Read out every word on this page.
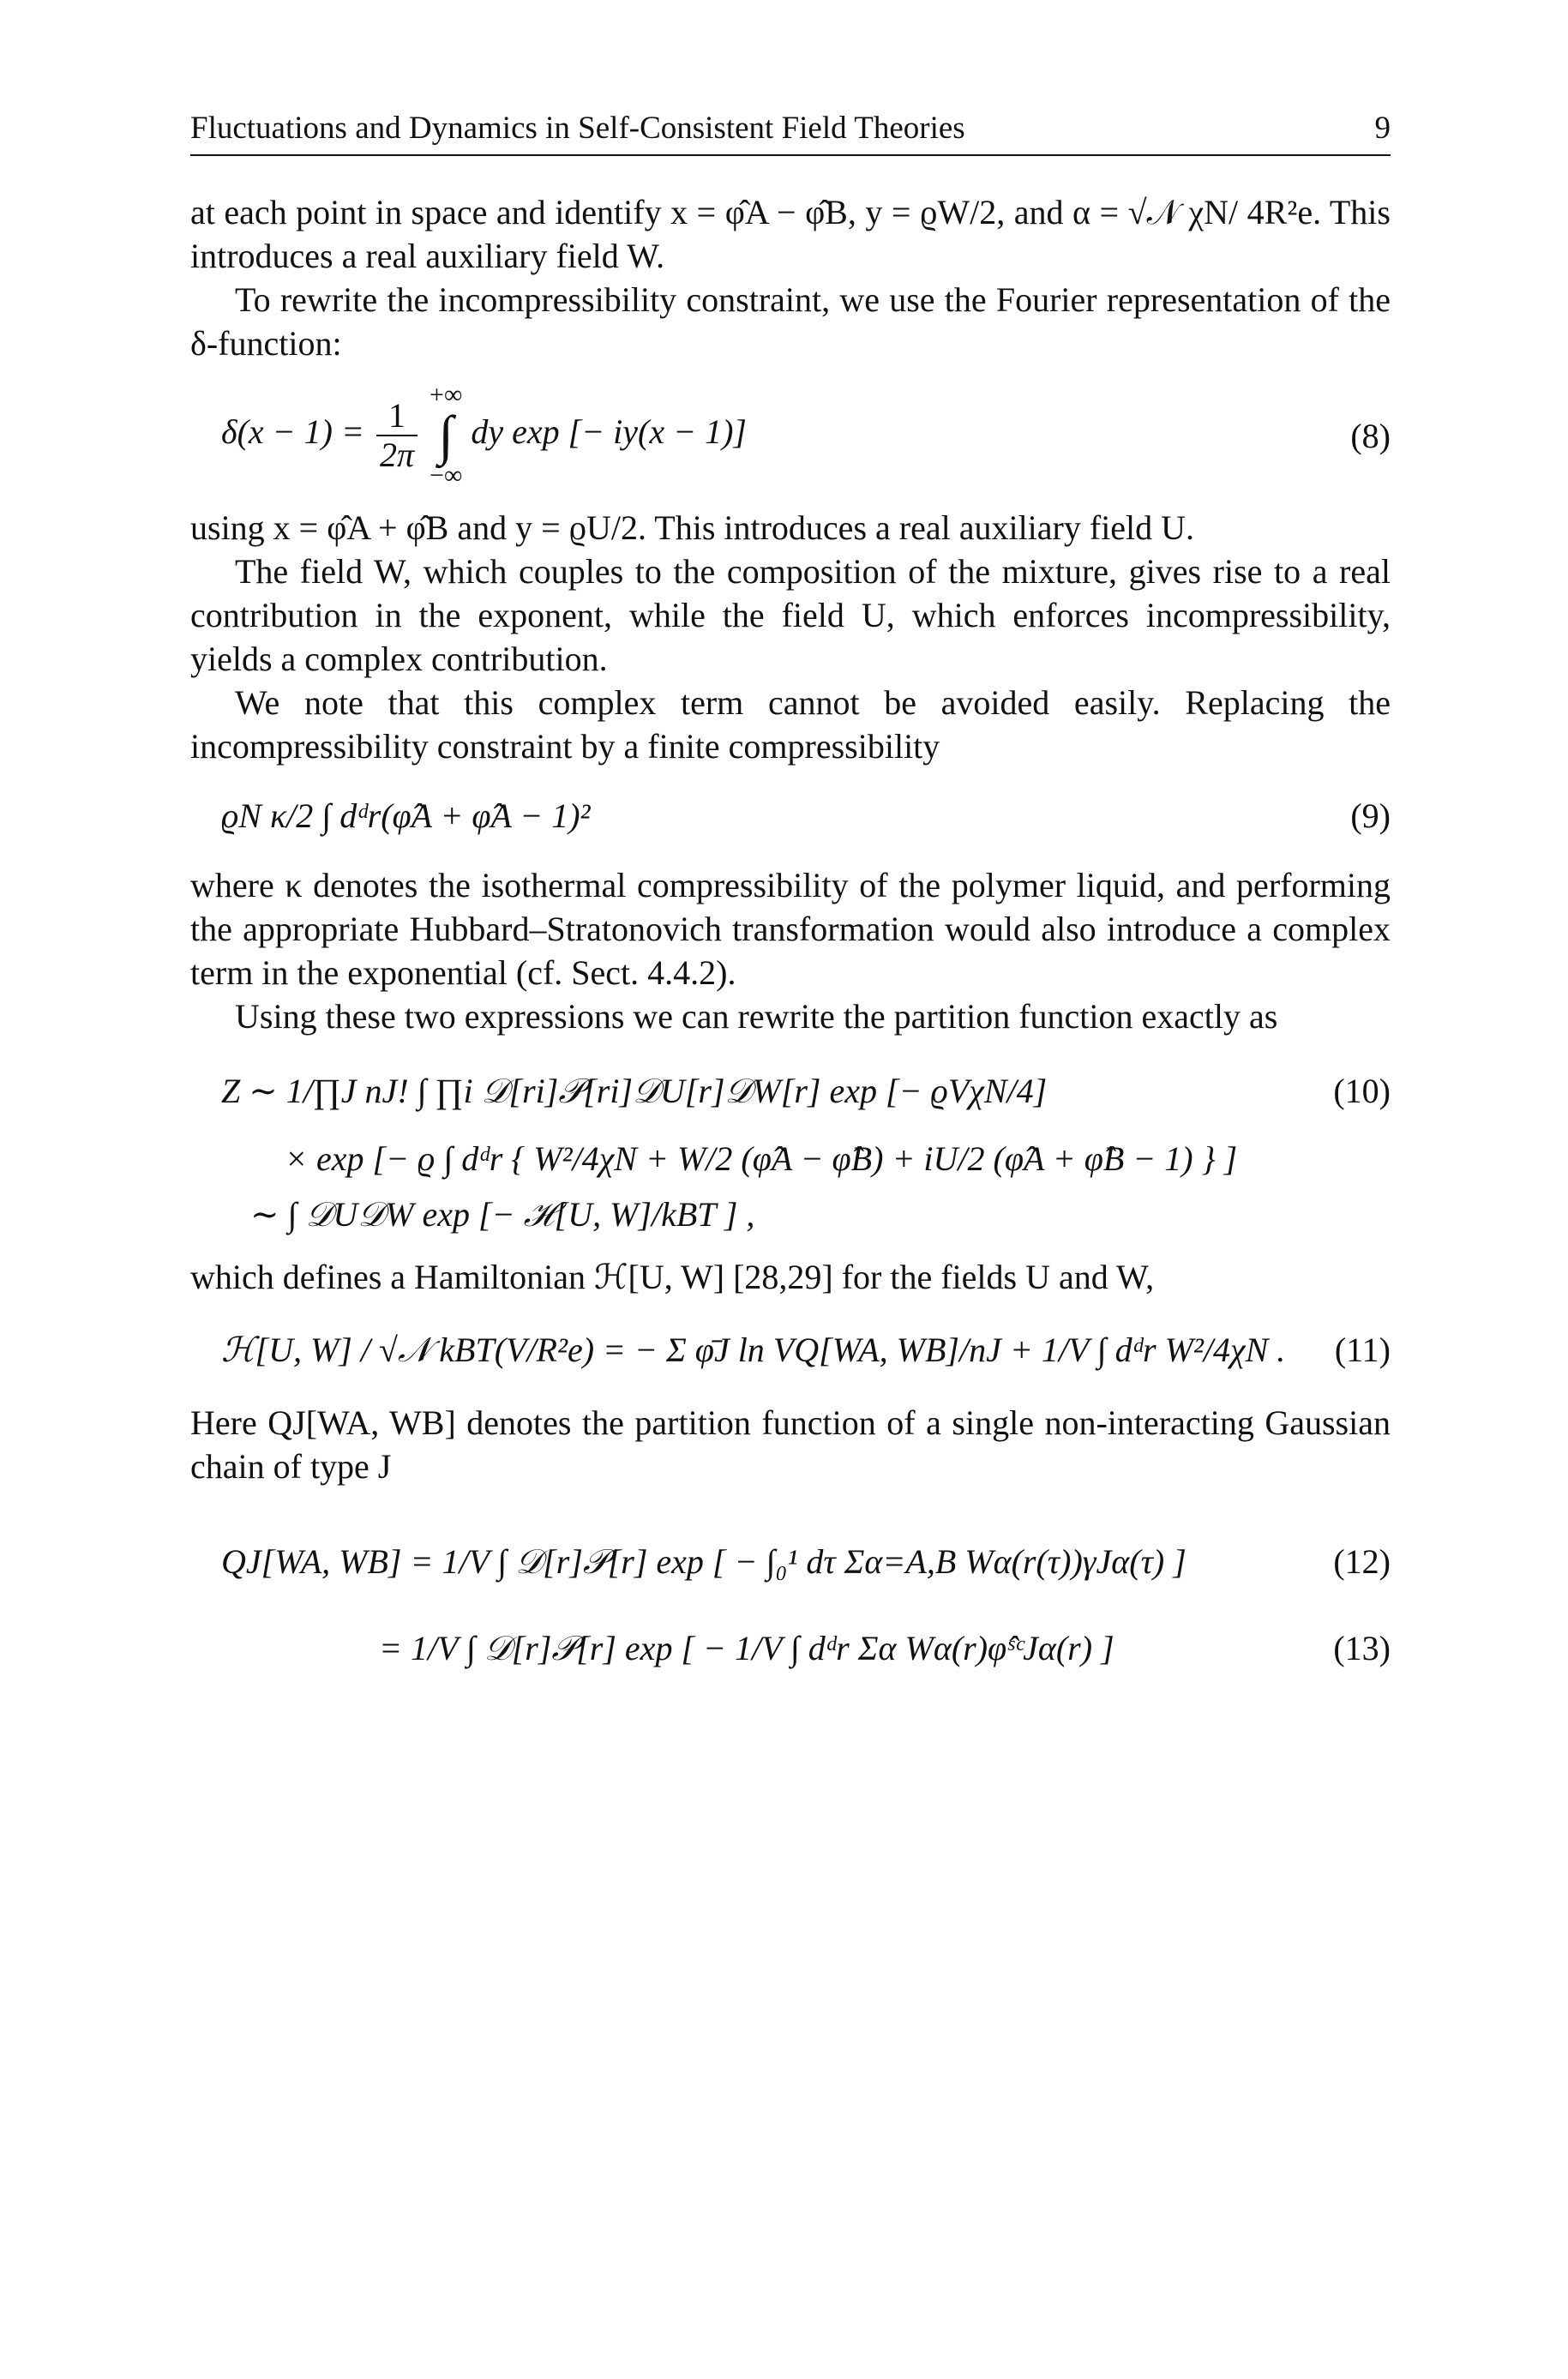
Fluctuations and Dynamics in Self-Consistent Field Theories	9

at each point in space and identify x = φ̂A − φ̂B, y = ϱW/2, and α = √𝒩 χN/ 4R²e. This introduces a real auxiliary field W.

To rewrite the incompressibility constraint, we use the Fourier representation of the δ-function:

$\delta(x - 1) = \frac{1}{2\pi}$

+∞
∫
−∞
dy exp [− iy(x − 1)]	(8)

using x = φ̂A + φ̂B and y = ϱU/2. This introduces a real auxiliary field U.

The field W, which couples to the composition of the mixture, gives rise to a real contribution in the exponent, while the field U, which enforces incompressibility, yields a complex contribution.

We note that this complex term cannot be avoided easily. Replacing the incompressibility constraint by a finite compressibility

ϱN κ/2 ∫ dᵈr(φ̂A + φ̂A − 1)²	(9)

where κ denotes the isothermal compressibility of the polymer liquid, and performing the appropriate Hubbard–Stratonovich transformation would also introduce a complex term in the exponential (cf. Sect. 4.4.2).

Using these two expressions we can rewrite the partition function exactly as

Z ∼ 1/∏J nJ! ∫ ∏i 𝒟[ri]𝒫[ri]𝒟U[r]𝒟W[r] exp [− ϱVχN/4]	(10)
× exp [− ϱ ∫ dᵈr { W²/4χN + W/2 (φ̂A − φ̂B) + iU/2 (φ̂A + φ̂B − 1) } ]
∼ ∫ 𝒟U𝒟W exp [− ℋ[U, W]/kBT ] ,

which defines a Hamiltonian ℋ[U, W] [28,29] for the fields U and W,

ℋ[U, W] / √𝒩 kBT(V/R²e) = − Σ φ̄J ln VQ[WA, WB]/nJ + 1/V ∫ dᵈr W²/4χN .	(11)

Here QJ[WA, WB] denotes the partition function of a single non-interacting Gaussian chain of type J

QJ[WA, WB] = 1/V ∫ 𝒟[r]𝒫[r] exp [ − ∫₀¹ dτ Σα=A,B Wα(r(τ))γJα(τ) ]	(12)
= 1/V ∫ 𝒟[r]𝒫[r] exp [ − 1/V ∫ dᵈr Σα Wα(r)φ̂ˢᶜJα(r) ]	(13)
